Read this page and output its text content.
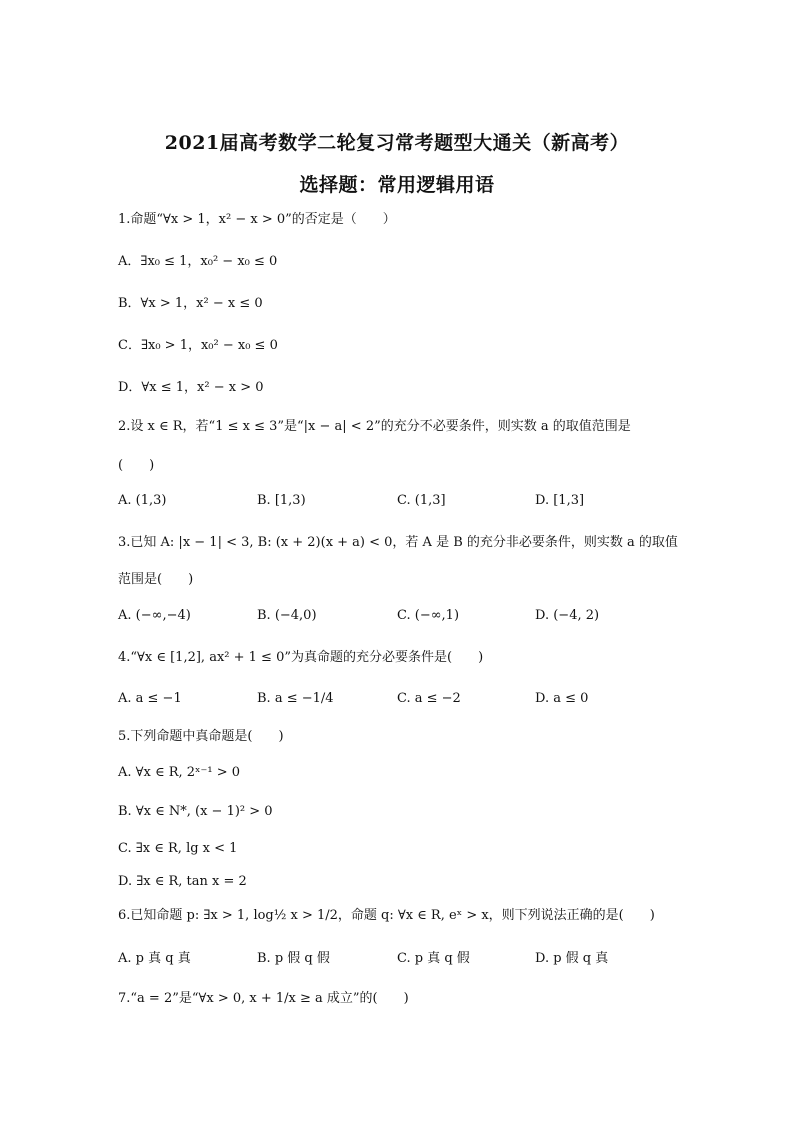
2021届高考数学二轮复习常考题型大通关（新高考）
选择题：常用逻辑用语
1.命题“∀x > 1，x² − x > 0”的否定是（　　）
A．∃x₀ ≤ 1，x₀² − x₀ ≤ 0
B．∀x > 1，x² − x ≤ 0
C．∃x₀ > 1，x₀² − x₀ ≤ 0
D．∀x ≤ 1，x² − x > 0
2.设 x ∈ R，若“1 ≤ x ≤ 3”是“|x − a| < 2”的充分不必要条件，则实数 a 的取值范围是
(　　)
A. (1,3)	B. [1,3)	C. (1,3]	D. [1,3]
3.已知 A: |x − 1| < 3, B: (x + 2)(x + a) < 0，若 A 是 B 的充分非必要条件，则实数 a 的取值
范围是(　　)
A. (−∞,−4)	B. (−4,0)	C. (−∞,1)	D. (−4, 2)
4.“∀x ∈ [1,2], ax² + 1 ≤ 0”为真命题的充分必要条件是(　　)
A. a ≤ −1	B. a ≤ −1/4	C. a ≤ −2	D. a ≤ 0
5.下列命题中真命题是(　　)
A. ∀x ∈ R, 2ˣ⁻¹ > 0
B. ∀x ∈ N*, (x − 1)² > 0
C. ∃x ∈ R, lg x < 1
D. ∃x ∈ R, tan x = 2
6.已知命题 p: ∃x > 1, log½ x > 1/2，命题 q: ∀x ∈ R, eˣ > x，则下列说法正确的是(　　)
A. p 真 q 真	B. p 假 q 假	C. p 真 q 假	D. p 假 q 真
7.“a = 2”是“∀x > 0, x + 1/x ≥ a 成立”的(　　)
